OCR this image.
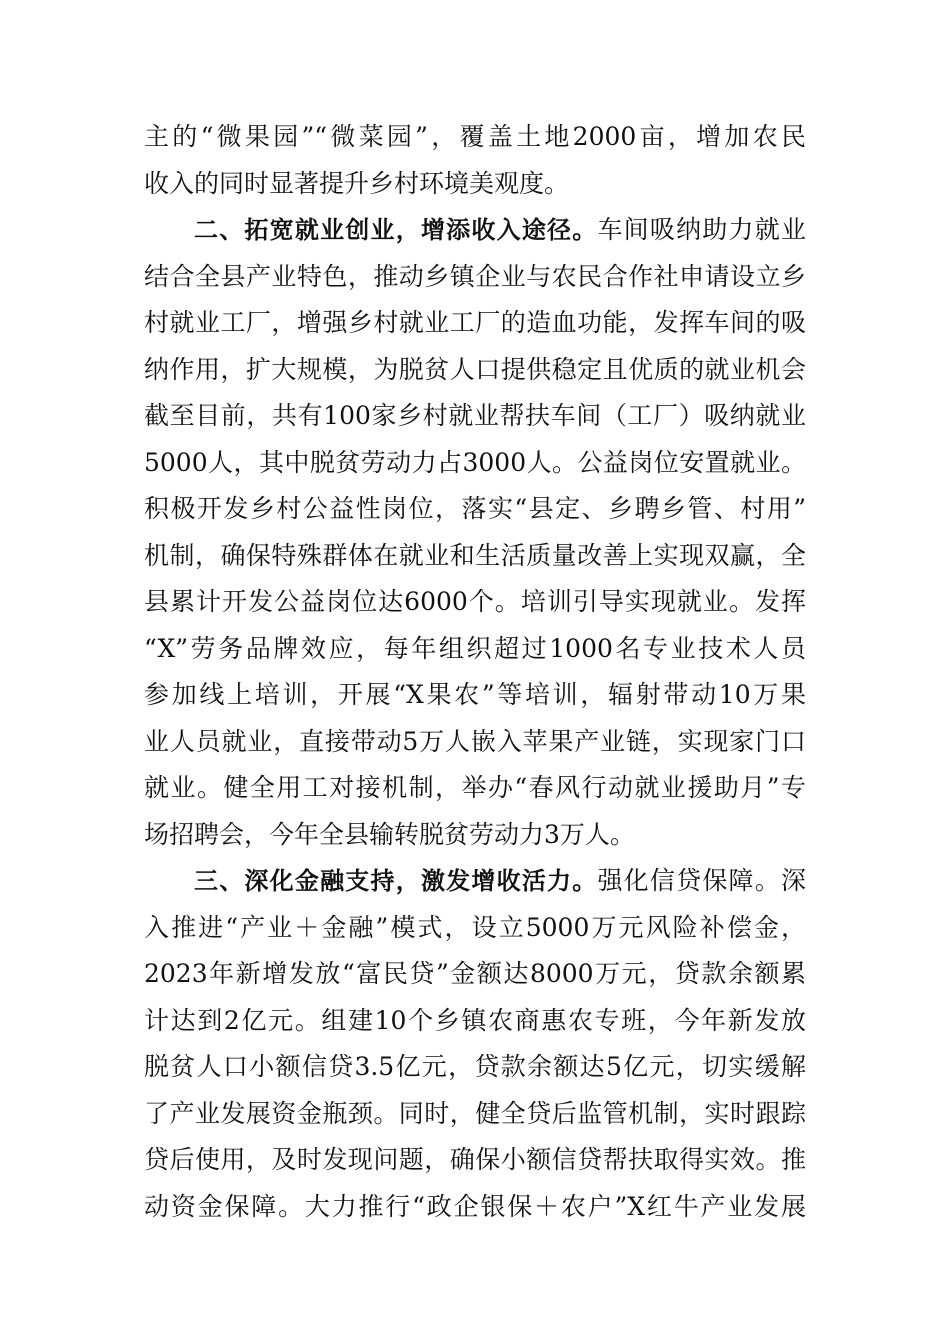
主的“微果园”“微菜园”，覆盖土地2000亩，增加农民
收入的同时显著提升乡村环境美观度。
二、拓宽就业创业，增添收入途径。车间吸纳助力就业
结合全县产业特色，推动乡镇企业与农民合作社申请设立乡
村就业工厂，增强乡村就业工厂的造血功能，发挥车间的吸
纳作用，扩大规模，为脱贫人口提供稳定且优质的就业机会
截至目前，共有100家乡村就业帮扶车间（工厂）吸纳就业
5000人，其中脱贫劳动力占3000人。公益岗位安置就业。
积极开发乡村公益性岗位，落实“县定、乡聘乡管、村用”
机制，确保特殊群体在就业和生活质量改善上实现双赢，全
县累计开发公益岗位达6000个。培训引导实现就业。发挥
“X”劳务品牌效应，每年组织超过1000名专业技术人员
参加线上培训，开展“X果农”等培训，辐射带动10万果
业人员就业，直接带动5万人嵌入苹果产业链，实现家门口
就业。健全用工对接机制，举办“春风行动就业援助月”专
场招聘会，今年全县输转脱贫劳动力3万人。
三、深化金融支持，激发增收活力。强化信贷保障。深
入推进“产业＋金融”模式，设立5000万元风险补偿金，
2023年新增发放“富民贷”金额达8000万元，贷款余额累
计达到2亿元。组建10个乡镇农商惠农专班，今年新发放
脱贫人口小额信贷3.5亿元，贷款余额达5亿元，切实缓解
了产业发展资金瓶颈。同时，健全贷后监管机制，实时跟踪
贷后使用，及时发现问题，确保小额信贷帮扶取得实效。推
动资金保障。大力推行“政企银保＋农户”X红牛产业发展
